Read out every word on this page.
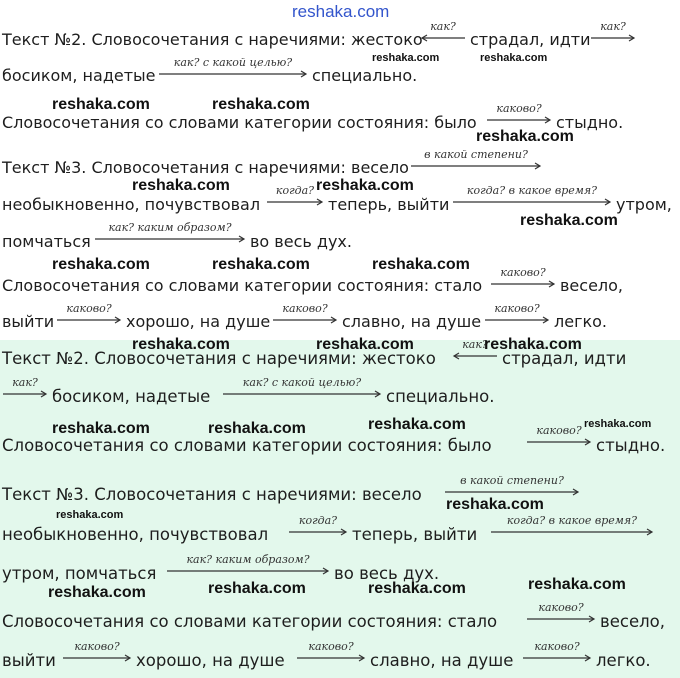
reshaka.com
Текст №2. Словосочетания с наречиями: жестоко
как?
страдал, идти
как?
reshaka.com	reshaka.com
босиком, надетые
как? с какой целью?
специально.
reshaka.com	reshaka.com
Словосочетания со словами категории состояния: было
каково?
стыдно.
reshaka.com
Текст №3. Словосочетания с наречиями: весело
в какой степени?
reshaka.com	reshaka.com
необыкновенно, почувствовал
когда?
теперь, выйти
когда? в какое время?
утром,
reshaka.com
помчаться
как? каким образом?
во весь дух.
reshaka.com	reshaka.com	reshaka.com
Словосочетания со словами категории состояния: стало
каково?
весело,
выйти
каково?
хорошо, на душе
каково?
славно, на душе
каково?
легко.
reshaka.com	reshaka.com
Текст №2. Словосочетания с наречиями: жестоко
как?
reshaka.com
страдал, идти
как?
босиком, надетые
как? с какой целью?
специально.
reshaka.com	reshaka.com	reshaka.com	reshaka.com
Словосочетания со словами категории состояния: было
каково?
стыдно.
Текст №3. Словосочетания с наречиями: весело
в какой степени?
reshaka.com
reshaka.com
необыкновенно, почувствовал
когда?
теперь, выйти
когда? в какое время?
утром, помчаться
как? каким образом?
во весь дух.
reshaka.com	reshaka.com	reshaka.com	reshaka.com
Словосочетания со словами категории состояния: стало
каково?
весело,
выйти
каково?
хорошо, на душе
каково?
славно, на душе
каково?
легко.
